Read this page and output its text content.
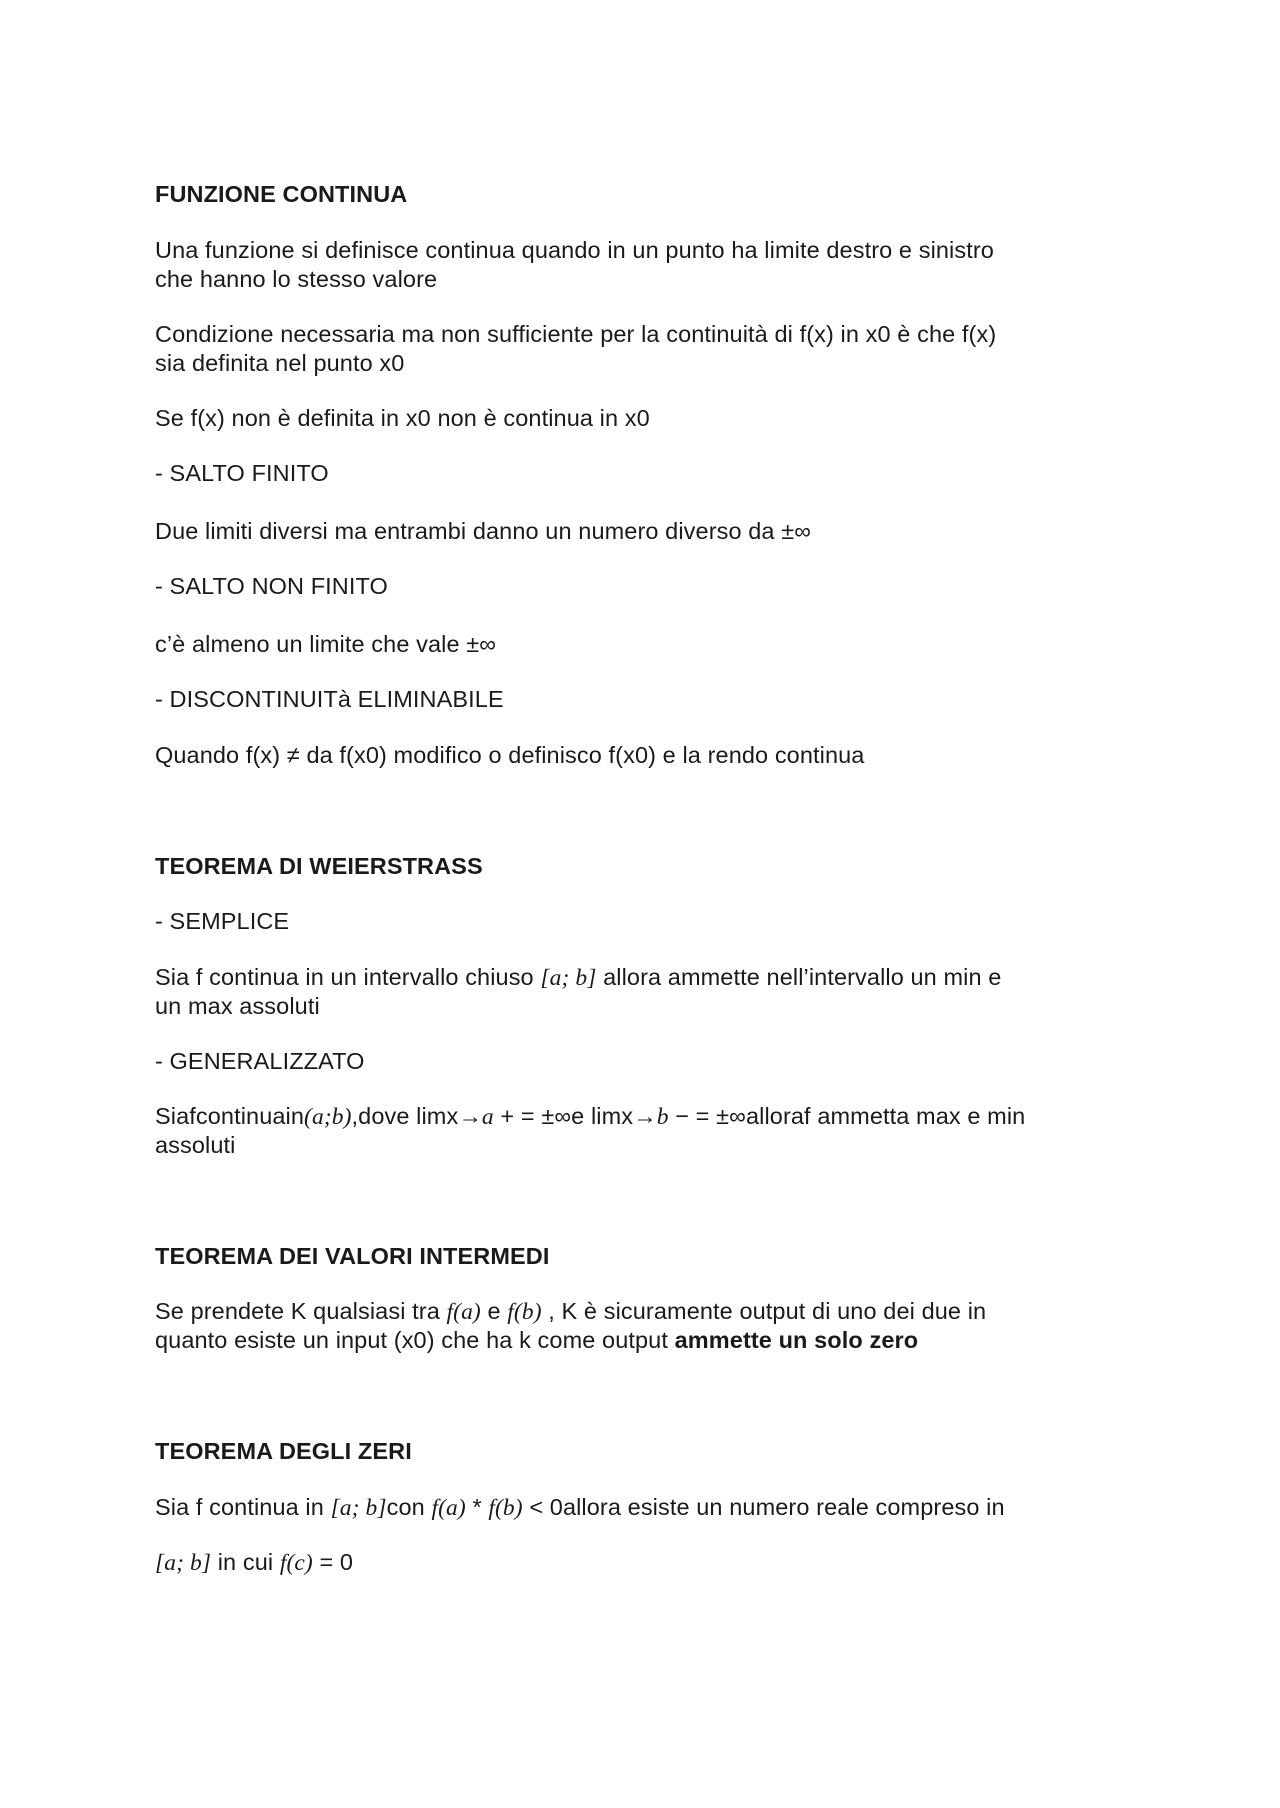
FUNZIONE CONTINUA

Una funzione si definisce continua quando in un punto ha limite destro e sinistro

che hanno lo stesso valore

Condizione necessaria ma non sufficiente per la continuità di f(x) in x0 è che f(x)

sia definita nel punto x0

Se f(x) non è definita in x0 non è continua in x0

- SALTO FINITO

Due limiti diversi ma entrambi danno un numero diverso da ±∞

- SALTO NON FINITO

c’è almeno un limite che vale ±∞

- DISCONTINUITà ELIMINABILE

Quando f(x) ≠ da f(x0) modifico o definisco f(x0) e la rendo continua

TEOREMA DI WEIERSTRASS

- SEMPLICE

Sia f continua in un intervallo chiuso [a; b] allora ammette nell’intervallo un min e

un max assoluti

- GENERALIZZATO

Siafcontinuain(a;b),dove limx→a + = ±∞e limx→b − = ±∞alloraf ammetta max e min

assoluti

TEOREMA DEI VALORI INTERMEDI

Se prendete K qualsiasi tra f(a) e f(b) , K è sicuramente output di uno dei due in

quanto esiste un input (x0) che ha k come output ammette un solo zero

TEOREMA DEGLI ZERI

Sia f continua in [a; b]con f(a) * f(b) < 0allora esiste un numero reale compreso in

[a; b] in cui f(c) = 0
